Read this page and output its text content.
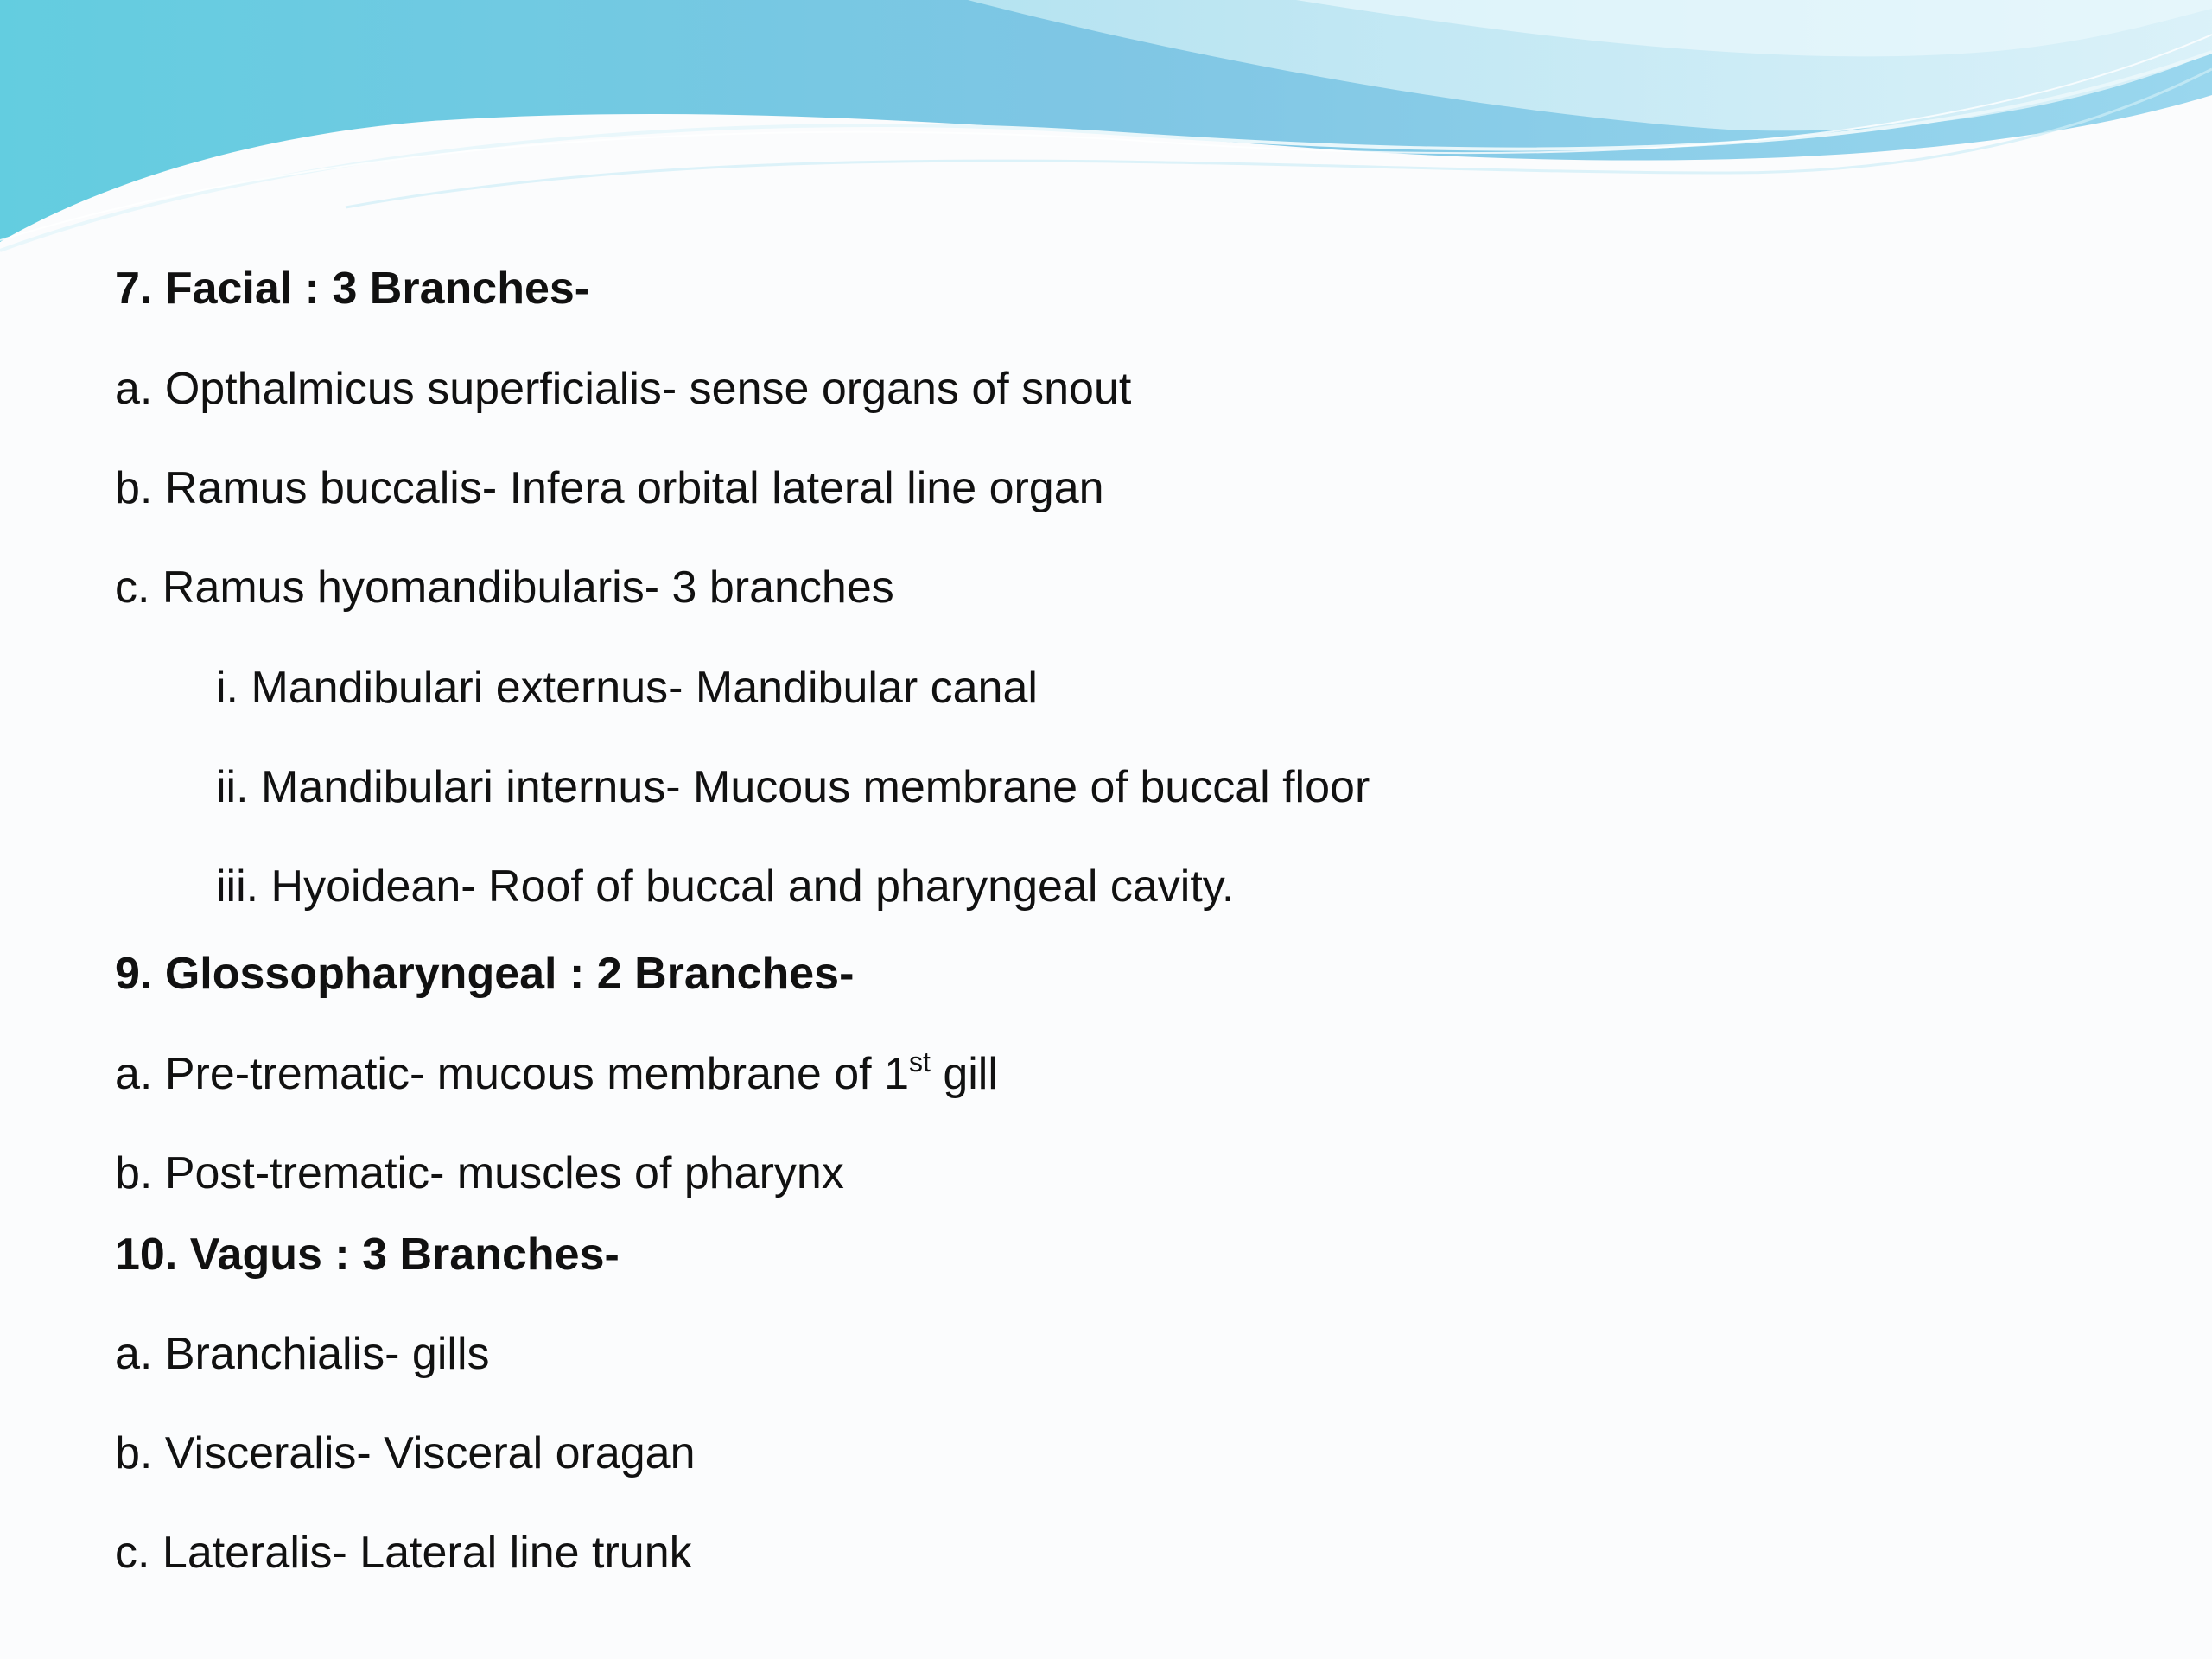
7. Facial : 3 Branches-
a. Opthalmicus superficialis- sense organs of snout
b. Ramus buccalis- Infera orbital lateral line organ
c. Ramus hyomandibularis- 3 branches
i. Mandibulari externus- Mandibular canal
ii. Mandibulari internus- Mucous membrane of buccal floor
iii. Hyoidean- Roof of buccal and pharyngeal cavity.
9. Glossopharyngeal : 2 Branches-
a. Pre-trematic- mucous membrane of 1st gill
b. Post-trematic- muscles of pharynx
10. Vagus : 3 Branches-
a. Branchialis- gills
b. Visceralis- Visceral oragan
c. Lateralis- Lateral line trunk
